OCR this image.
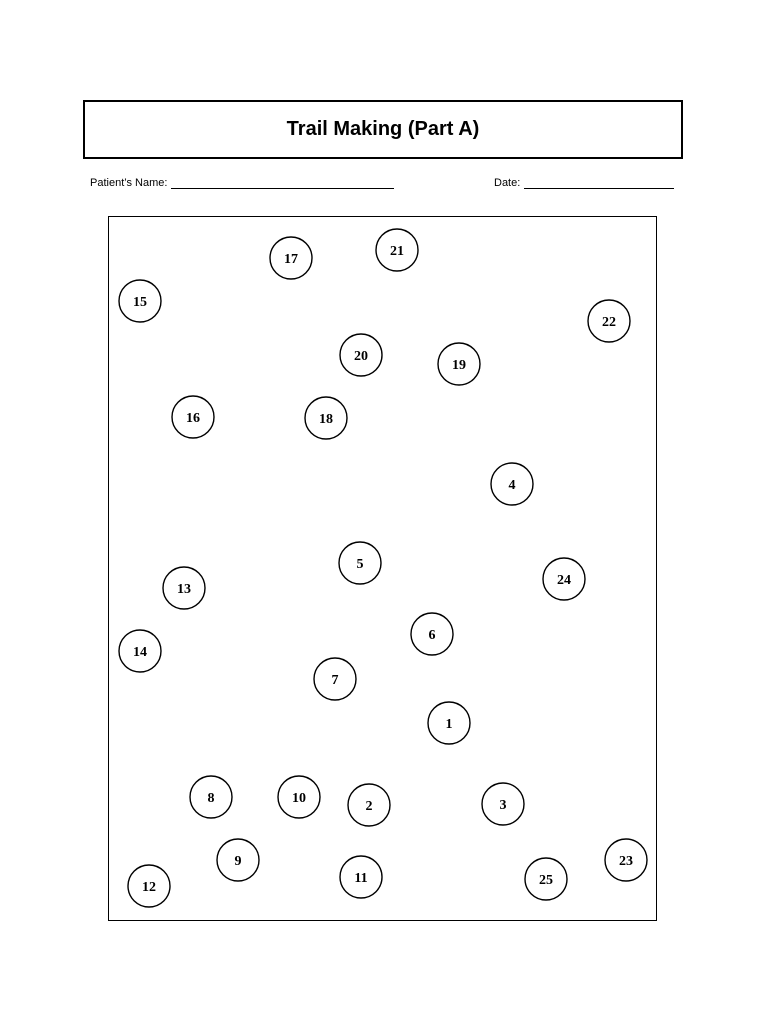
Trail Making (Part A)
Patient’s Name:	Date:
1
2	3
4
5
6
7
8
9
10
11
12
13
14
15
16
17
18
19
20
21
22
23
24
25
